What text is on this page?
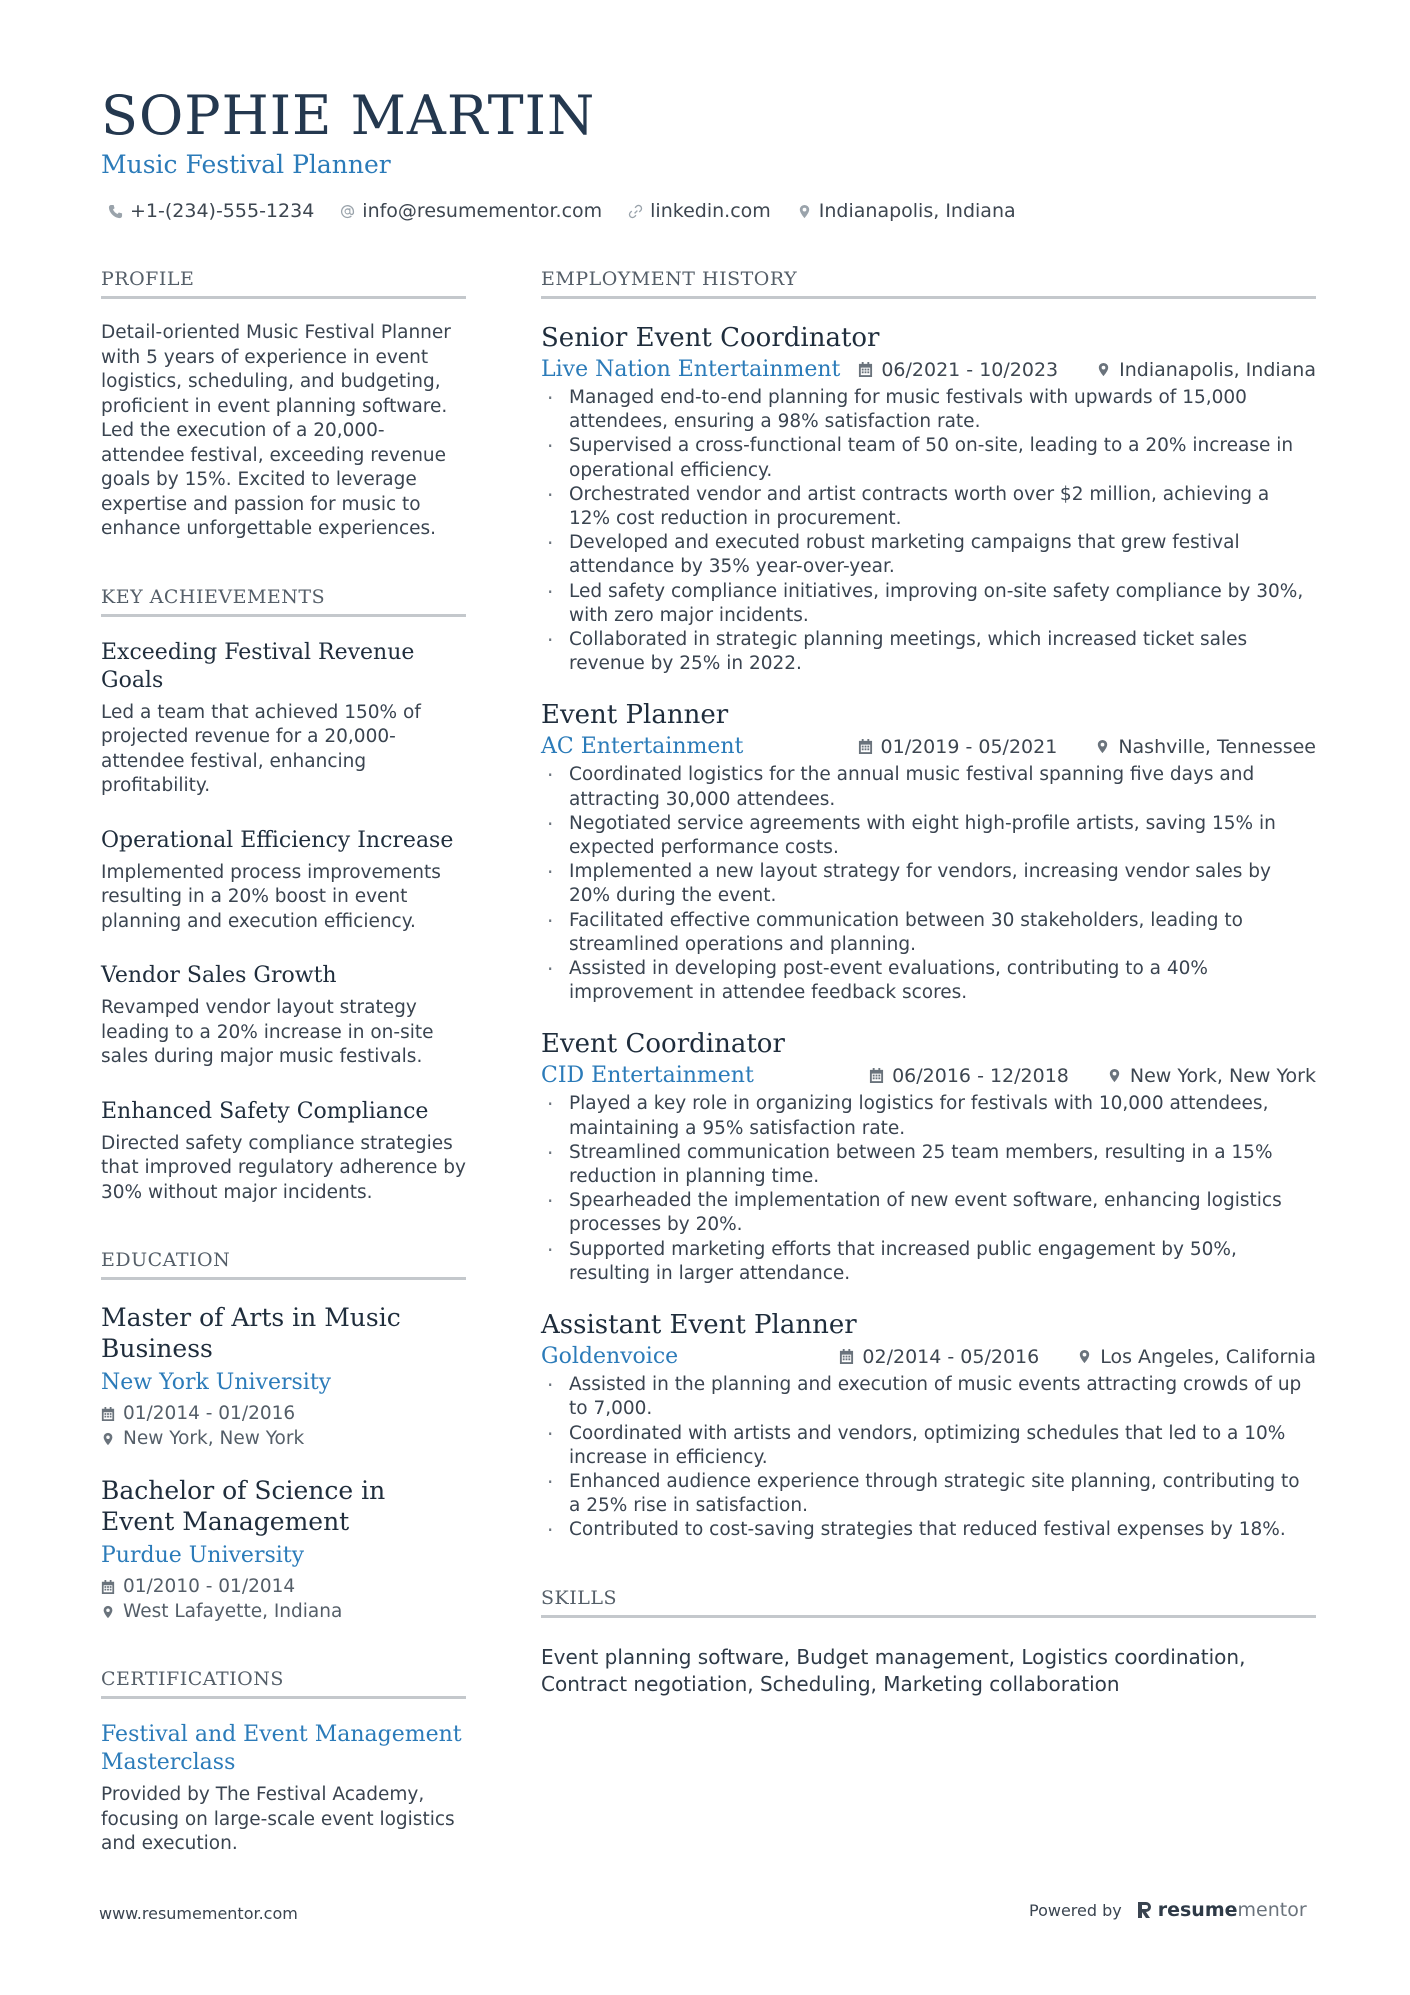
SOPHIE MARTIN
Music Festival Planner
+1-(234)-555-1234	info@resumementor.com	linkedin.com	Indianapolis, Indiana
PROFILE
Detail-oriented Music Festival Planner with 5 years of experience in event logistics, scheduling, and budgeting, proficient in event planning software. Led the execution of a 20,000-attendee festival, exceeding revenue goals by 15%. Excited to leverage expertise and passion for music to enhance unforgettable experiences.
KEY ACHIEVEMENTS
Exceeding Festival Revenue Goals
Led a team that achieved 150% of projected revenue for a 20,000-attendee festival, enhancing profitability.
Operational Efficiency Increase
Implemented process improvements resulting in a 20% boost in event planning and execution efficiency.
Vendor Sales Growth
Revamped vendor layout strategy leading to a 20% increase in on-site sales during major music festivals.
Enhanced Safety Compliance
Directed safety compliance strategies that improved regulatory adherence by 30% without major incidents.
EDUCATION
Master of Arts in Music Business
New York University
01/2014 - 01/2016
New York, New York
Bachelor of Science in Event Management
Purdue University
01/2010 - 01/2014
West Lafayette, Indiana
CERTIFICATIONS
Festival and Event Management Masterclass
Provided by The Festival Academy, focusing on large-scale event logistics and execution.
EMPLOYMENT HISTORY
Senior Event Coordinator
Live Nation Entertainment	06/2021 - 10/2023	Indianapolis, Indiana
· Managed end-to-end planning for music festivals with upwards of 15,000 attendees, ensuring a 98% satisfaction rate.
· Supervised a cross-functional team of 50 on-site, leading to a 20% increase in operational efficiency.
· Orchestrated vendor and artist contracts worth over $2 million, achieving a 12% cost reduction in procurement.
· Developed and executed robust marketing campaigns that grew festival attendance by 35% year-over-year.
· Led safety compliance initiatives, improving on-site safety compliance by 30%, with zero major incidents.
· Collaborated in strategic planning meetings, which increased ticket sales revenue by 25% in 2022.
Event Planner
AC Entertainment	01/2019 - 05/2021	Nashville, Tennessee
· Coordinated logistics for the annual music festival spanning five days and attracting 30,000 attendees.
· Negotiated service agreements with eight high-profile artists, saving 15% in expected performance costs.
· Implemented a new layout strategy for vendors, increasing vendor sales by 20% during the event.
· Facilitated effective communication between 30 stakeholders, leading to streamlined operations and planning.
· Assisted in developing post-event evaluations, contributing to a 40% improvement in attendee feedback scores.
Event Coordinator
CID Entertainment	06/2016 - 12/2018	New York, New York
· Played a key role in organizing logistics for festivals with 10,000 attendees, maintaining a 95% satisfaction rate.
· Streamlined communication between 25 team members, resulting in a 15% reduction in planning time.
· Spearheaded the implementation of new event software, enhancing logistics processes by 20%.
· Supported marketing efforts that increased public engagement by 50%, resulting in larger attendance.
Assistant Event Planner
Goldenvoice	02/2014 - 05/2016	Los Angeles, California
· Assisted in the planning and execution of music events attracting crowds of up to 7,000.
· Coordinated with artists and vendors, optimizing schedules that led to a 10% increase in efficiency.
· Enhanced audience experience through strategic site planning, contributing to a 25% rise in satisfaction.
· Contributed to cost-saving strategies that reduced festival expenses by 18%.
SKILLS
Event planning software, Budget management, Logistics coordination, Contract negotiation, Scheduling, Marketing collaboration
www.resumementor.com	Powered by resumementor
